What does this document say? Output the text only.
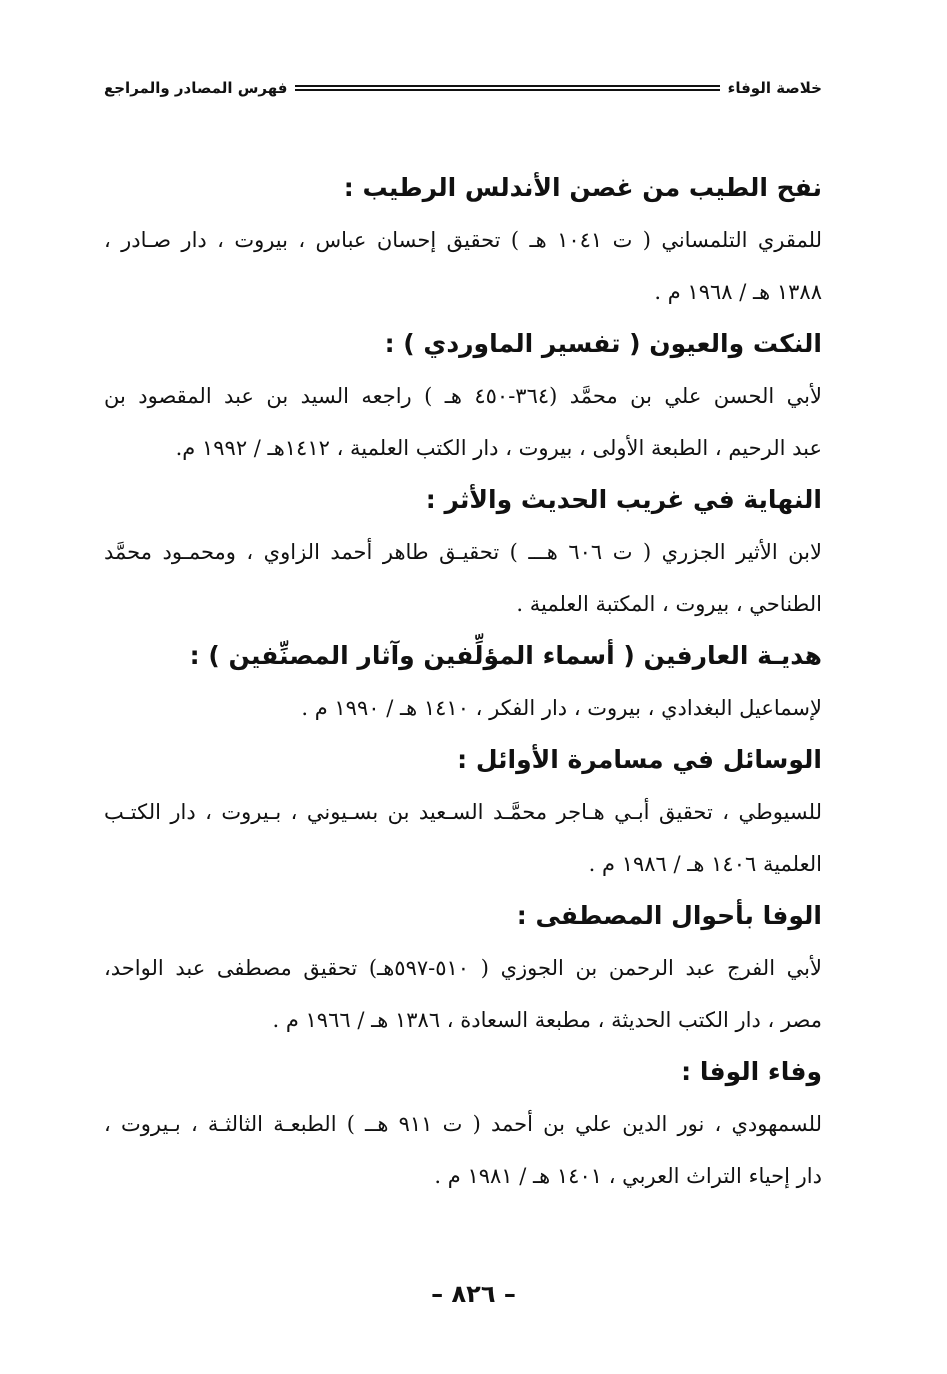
خلاصة الوفاء
فهرس المصادر والمراجع
نفح الطيب من غصن الأندلس الرطيب :
للمقري التلمساني ( ت ١٠٤١ هـ ) تحقيق إحسان عباس ، بيروت ، دار صـادر ،
١٣٨٨ هـ / ١٩٦٨ م .
النكت والعيون ( تفسير الماوردي ) :
لأبي الحسن علي بن محمَّد (٣٦٤-٤٥٠ هـ ) راجعه السيد بن عبد المقصود بن
عبد الرحيم ، الطبعة الأولى ، بيروت ، دار الكتب العلمية ، ١٤١٢هـ / ١٩٩٢ م.
النهاية في غريب الحديث والأثر :
لابن الأثير الجزري ( ت ٦٠٦ هـــ ) تحقيـق طاهر أحمد الزاوي ، ومحمـود محمَّد
الطناحي ، بيروت ، المكتبة العلمية .
هديـة العارفين ( أسماء المؤلِّفين وآثار المصنِّفين ) :
لإسماعيل البغدادي ، بيروت ، دار الفكر ، ١٤١٠ هـ / ١٩٩٠ م .
الوسائل في مسامرة الأوائل :
للسيوطي ، تحقيق أبـي هـاجر محمَّـد السـعيد بن بسـيوني ، بـيروت ، دار الكتـب
العلمية ١٤٠٦ هـ / ١٩٨٦ م .
الوفا بأحوال المصطفى :
لأبي الفرج عبد الرحمن بن الجوزي ( ٥١٠-٥٩٧هـ) تحقيق مصطفى عبد الواحد،
مصر ، دار الكتب الحديثة ، مطبعة السعادة ، ١٣٨٦ هـ / ١٩٦٦ م .
وفاء الوفا :
للسمهودي ، نور الدين علي بن أحمد ( ت ٩١١ هــ ) الطبعـة الثالثـة ، بـيروت ،
دار إحياء التراث العربي ، ١٤٠١ هـ / ١٩٨١ م .
– ٨٢٦ –
